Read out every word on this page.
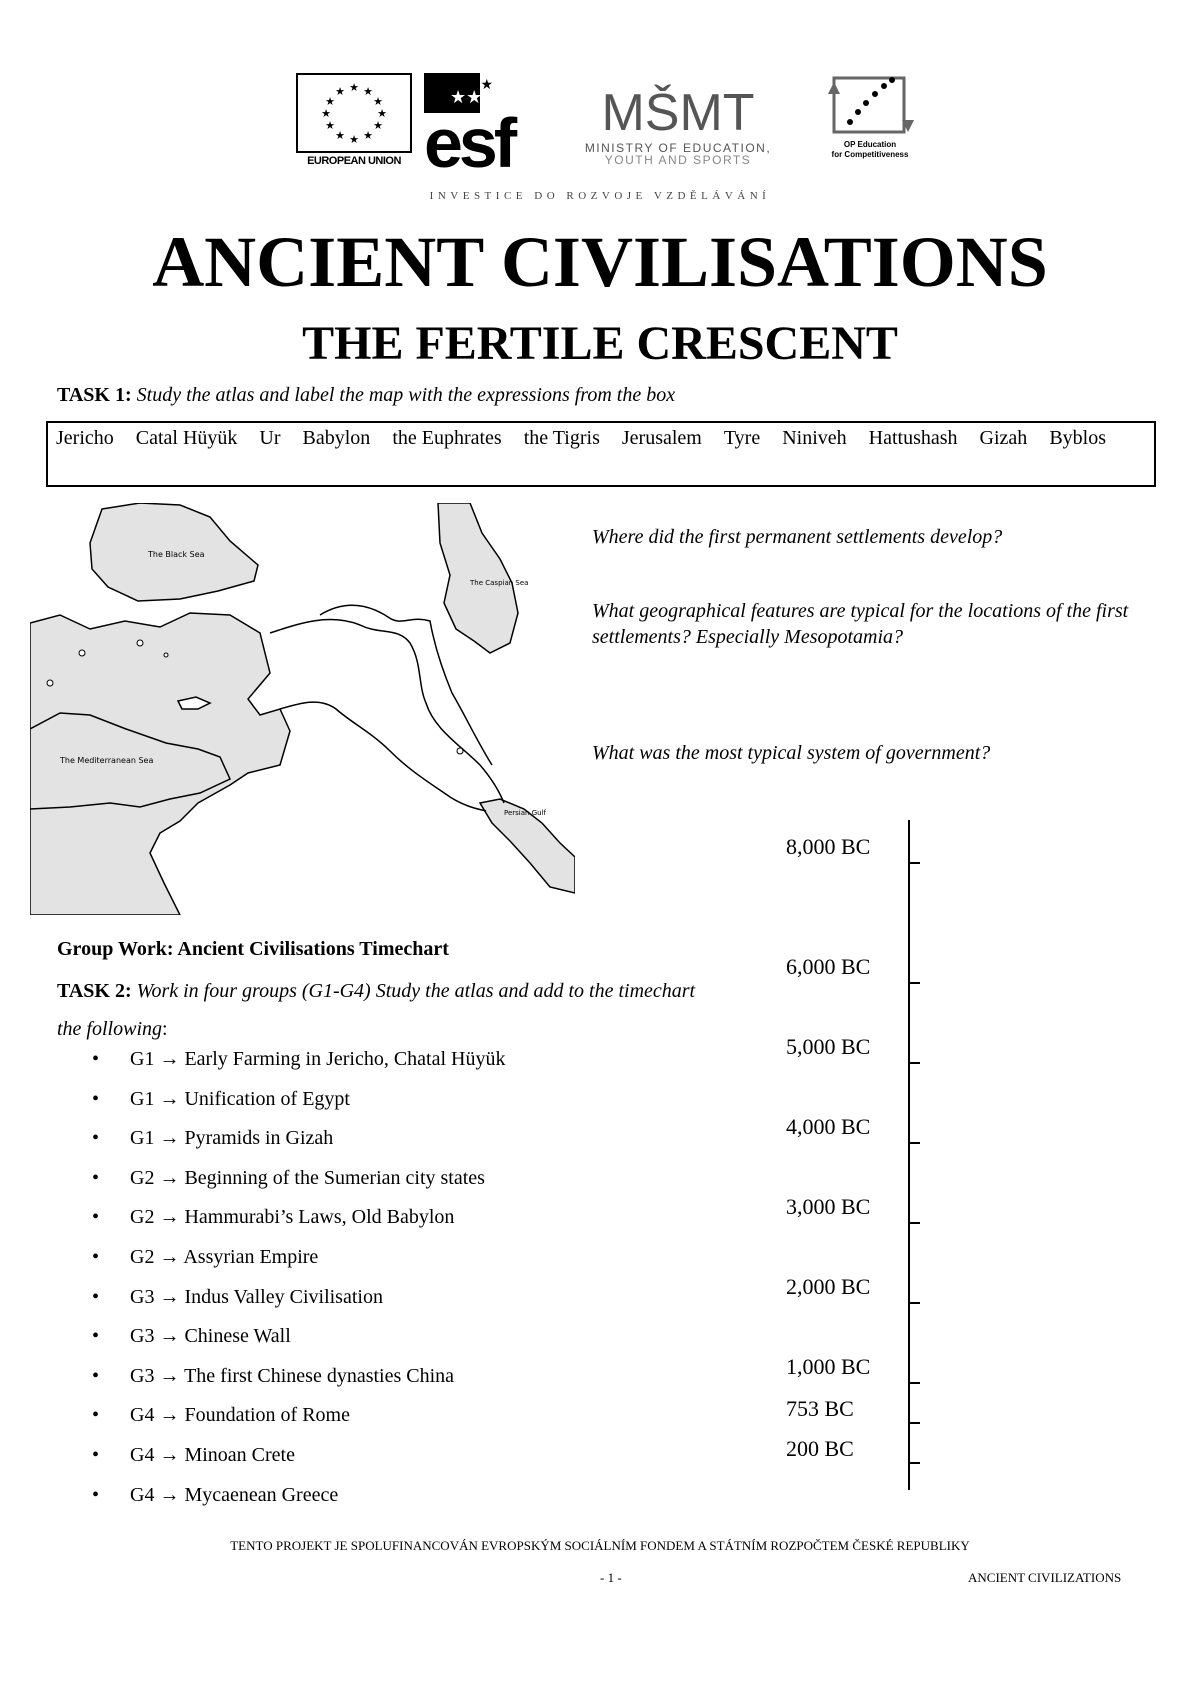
★ ★
★
★
★
★
★
★
★
★
★
★
EUROPEAN UNION
★★
★★
esf MŠMT
MINISTRY OF EDUCATION,
YOUTH AND SPORTS
OP Education
for Competitiveness
INVESTICE DO ROZVOJE VZDĚLÁVÁNÍ
ANCIENT CIVILISATIONS
THE FERTILE CRESCENT
TASK 1: Study the atlas and label the map with the expressions from the box
Jericho Catal Hüyük Ur Babylon the Euphrates the Tigris Jerusalem Tyre Niniveh Hattushash Gizah Byblos
The Black Sea
The Caspian Sea
The Mediterranean Sea
Persian Gulf
Where did the first permanent settlements develop?
What geographical features are typical for the locations of the first settlements? Especially Mesopotamia?
What was the most typical system of government?
Group Work: Ancient Civilisations Timechart
TASK 2: Work in four groups (G1-G4) Study the atlas and add to the timechart the following:
• G1 → Early Farming in Jericho, Chatal Hüyük
• G1 → Unification of Egypt
• G1 → Pyramids in Gizah
• G2 → Beginning of the Sumerian city states
• G2 → Hammurabi’s Laws, Old Babylon
• G2 → Assyrian Empire
• G3 → Indus Valley Civilisation
• G3 → Chinese Wall
• G3 → The first Chinese dynasties China
• G4 → Foundation of Rome
• G4 → Minoan Crete
• G4 → Mycaenean Greece
8,000 BC
6,000 BC
5,000 BC
4,000 BC
3,000 BC
2,000 BC
1,000 BC
753 BC
200 BC
TENTO PROJEKT JE SPOLUFINANCOVÁN EVROPSKÝM SOCIÁLNÍM FONDEM A STÁTNÍM ROZPOČTEM ČESKÉ REPUBLIKY
- 1 -	ANCIENT CIVILIZATIONS
